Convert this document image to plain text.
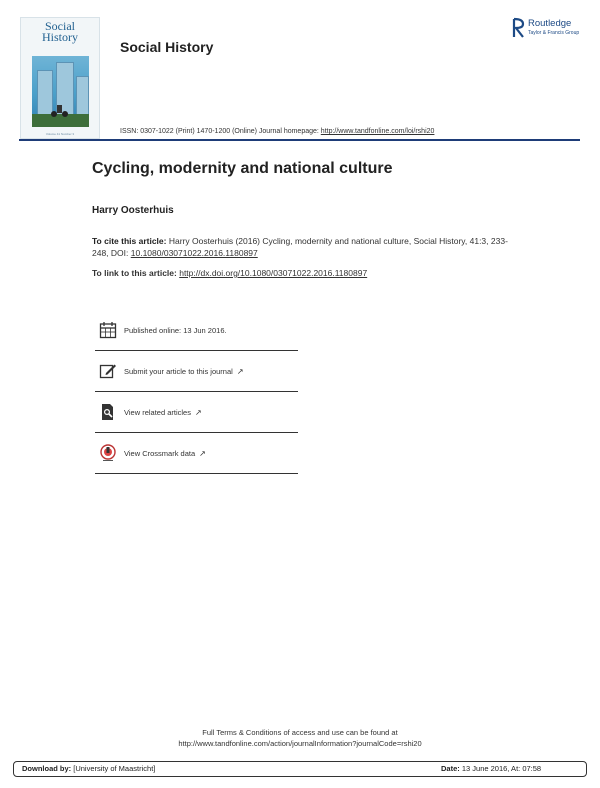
Social
History
Volume 41 Number 3
Social History
Routledge
Taylor & Francis Group
ISSN: 0307-1022 (Print) 1470-1200 (Online) Journal homepage: http://www.tandfonline.com/loi/rshi20
Cycling, modernity and national culture
Harry Oosterhuis
To cite this article: Harry Oosterhuis (2016) Cycling, modernity and national culture, Social History, 41:3, 233-248, DOI: 10.1080/03071022.2016.1180897
To link to this article: http://dx.doi.org/10.1080/03071022.2016.1180897
Published online: 13 Jun 2016.
Submit your article to this journal ↗
View related articles ↗
View Crossmark data ↗
Full Terms & Conditions of access and use can be found at
http://www.tandfonline.com/action/journalInformation?journalCode=rshi20
Download by: [University of Maastricht]	Date: 13 June 2016, At: 07:58
